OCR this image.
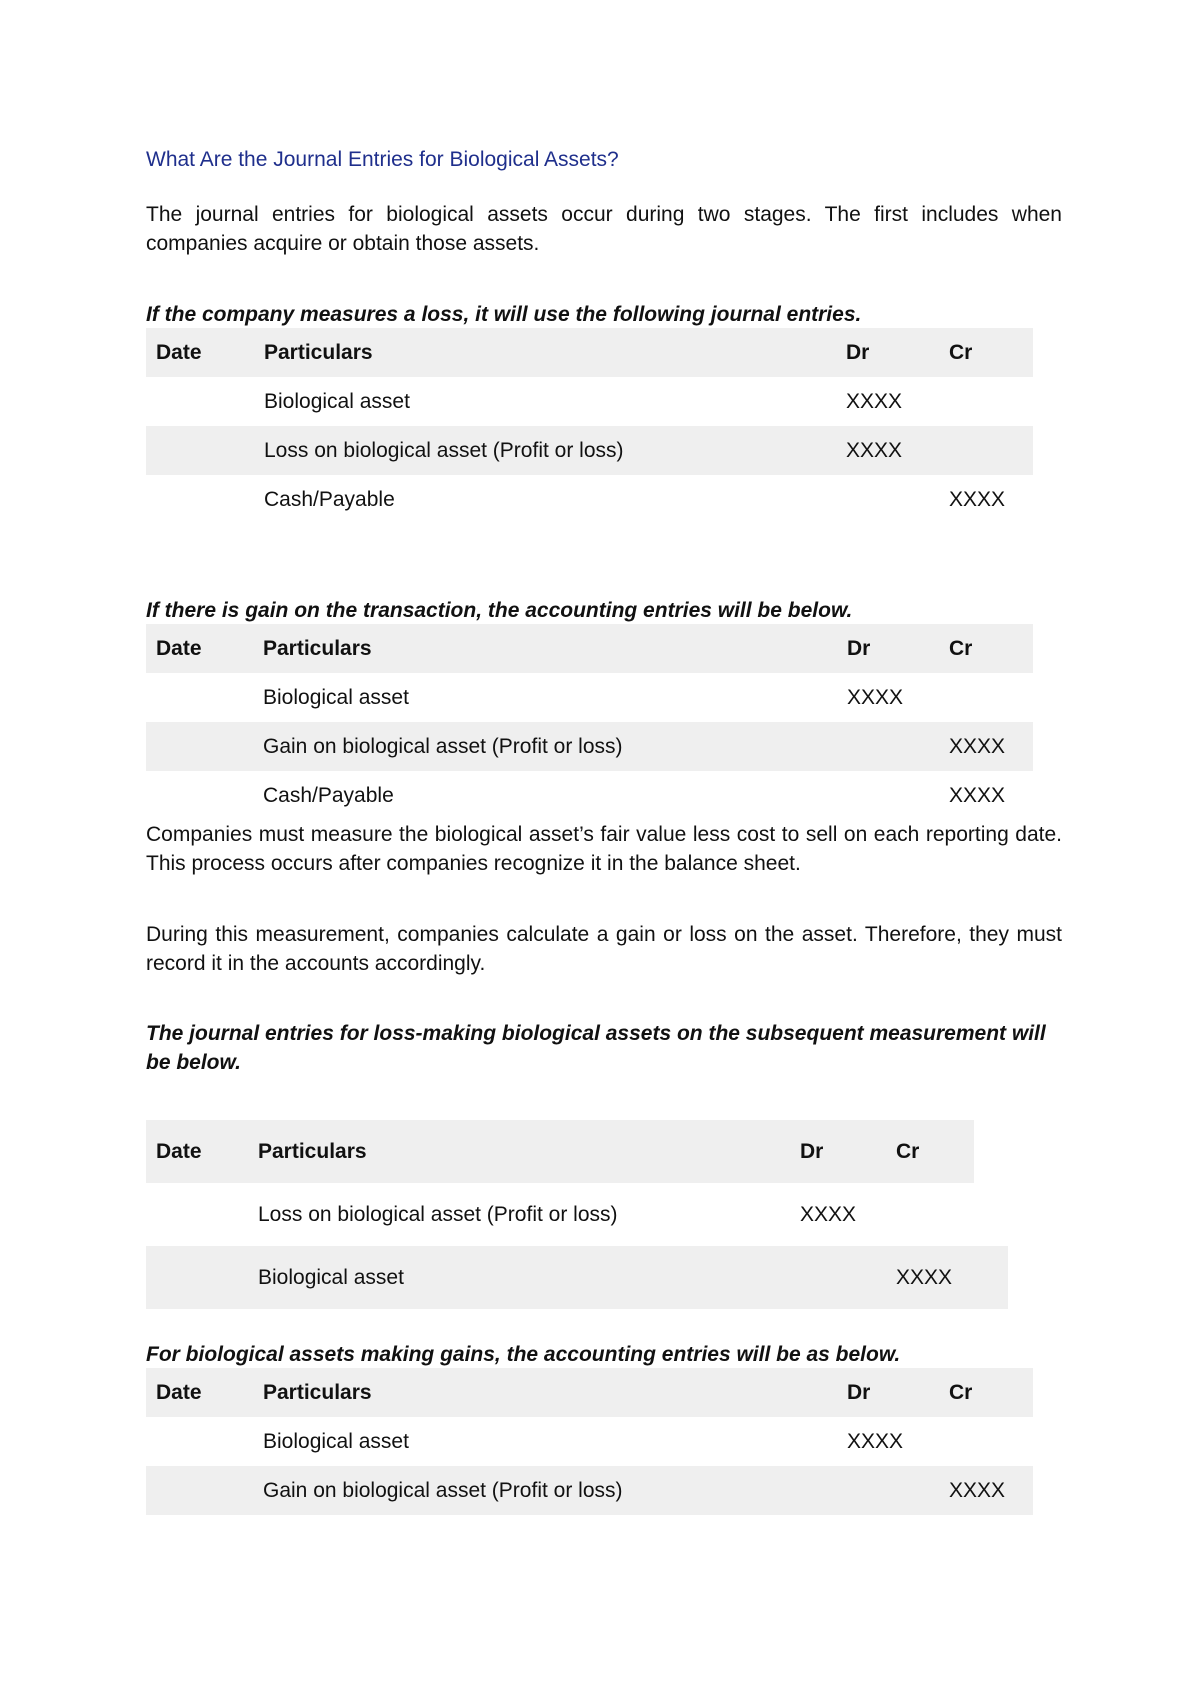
What Are the Journal Entries for Biological Assets?

The journal entries for biological assets occur during two stages. The first includes when companies acquire or obtain those assets.

If the company measures a loss, it will use the following journal entries.

Date	Particulars	Dr	Cr
	Biological asset	XXXX	
	Loss on biological asset (Profit or loss)	XXXX	
	Cash/Payable		XXXX

If there is gain on the transaction, the accounting entries will be below.

Date	Particulars	Dr	Cr
	Biological asset	XXXX	
	Gain on biological asset (Profit or loss)		XXXX
	Cash/Payable		XXXX

Companies must measure the biological asset’s fair value less cost to sell on each reporting date. This process occurs after companies recognize it in the balance sheet.

During this measurement, companies calculate a gain or loss on the asset. Therefore, they must record it in the accounts accordingly.

The journal entries for loss-making biological assets on the subsequent measurement will be below.

Date	Particulars	Dr	Cr
	Loss on biological asset (Profit or loss)	XXXX	
	Biological asset		XXXX

For biological assets making gains, the accounting entries will be as below.

Date	Particulars	Dr	Cr
	Biological asset	XXXX	
	Gain on biological asset (Profit or loss)		XXXX
